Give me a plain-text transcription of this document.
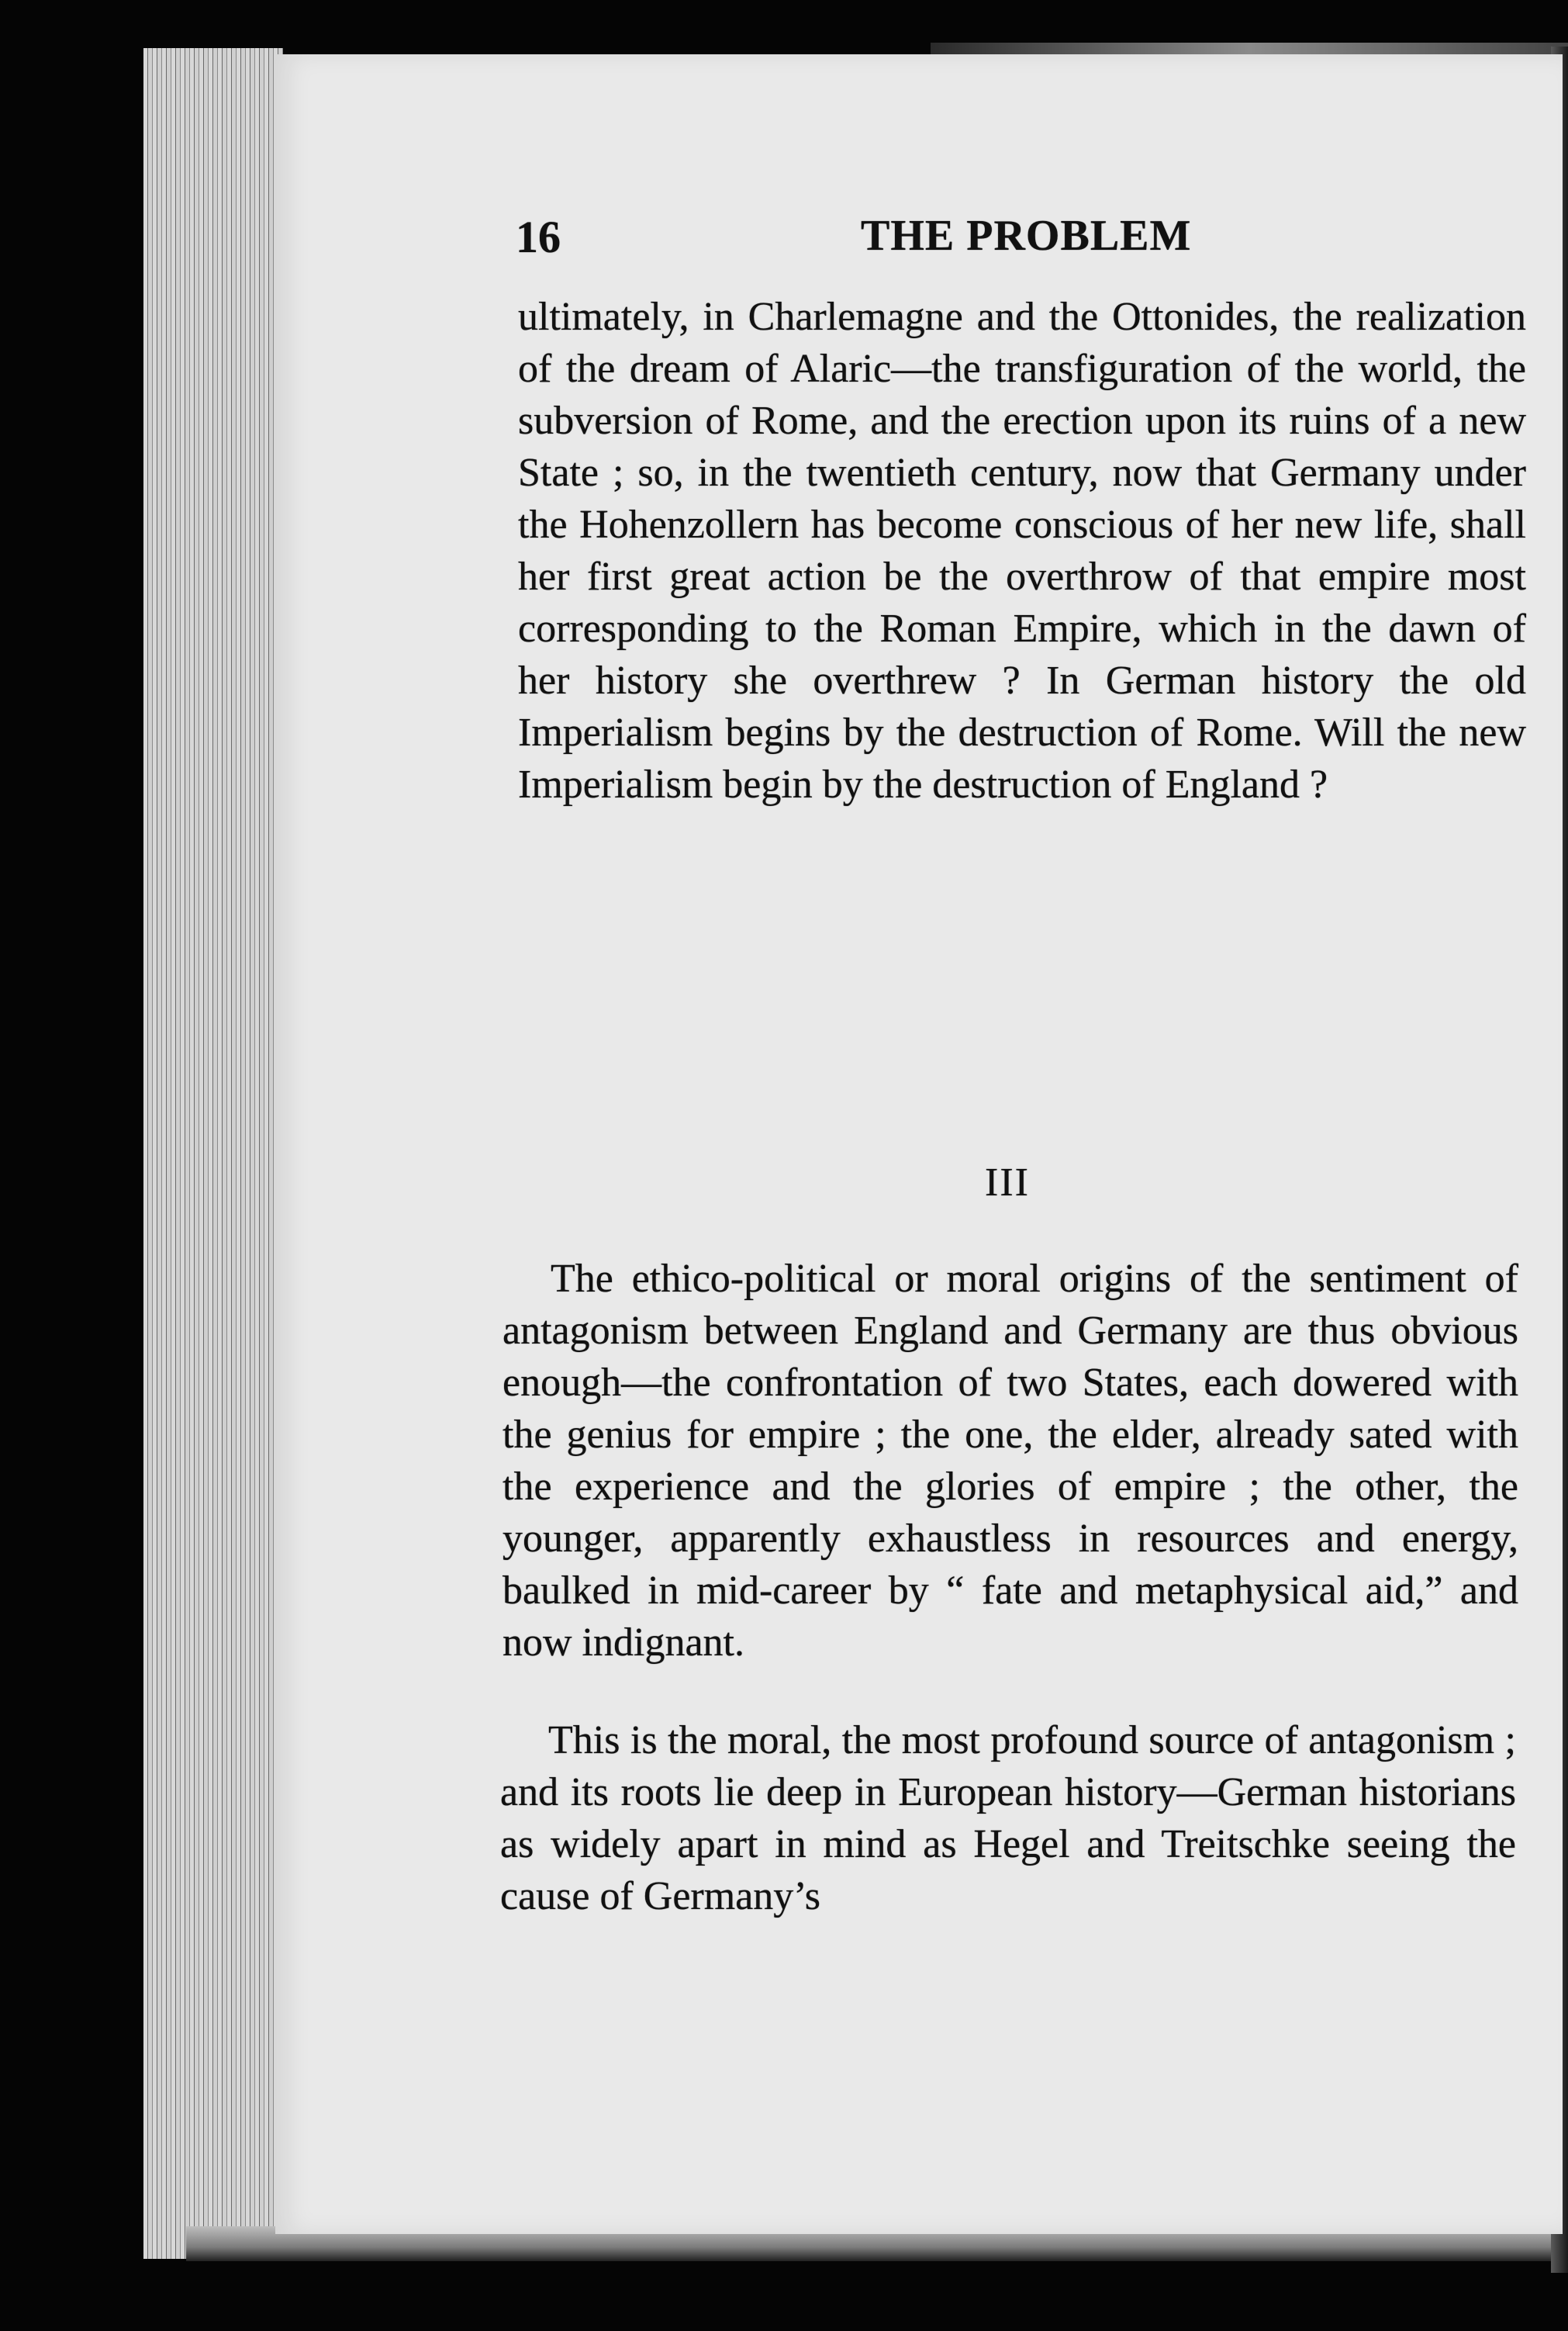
16	THE PROBLEM

ultimately, in Charlemagne and the Ottonides, the realization of the dream of Alaric—the transfiguration of the world, the subversion of Rome, and the erection upon its ruins of a new State ; so, in the twentieth century, now that Germany under the Hohenzollern has become conscious of her new life, shall her first great action be the overthrow of that empire most corresponding to the Roman Empire, which in the dawn of her history she overthrew ? In German history the old Imperialism begins by the destruction of Rome. Will the new Imperialism begin by the destruction of England ?

III

The ethico-political or moral origins of the sentiment of antagonism between England and Germany are thus obvious enough—the confrontation of two States, each dowered with the genius for empire ; the one, the elder, already sated with the experience and the glories of empire ; the other, the younger, apparently exhaustless in resources and energy, baulked in mid-career by “ fate and metaphysical aid,” and now indignant.

This is the moral, the most profound source of antagonism ; and its roots lie deep in European history—German historians as widely apart in mind as Hegel and Treitschke seeing the cause of Germany’s
